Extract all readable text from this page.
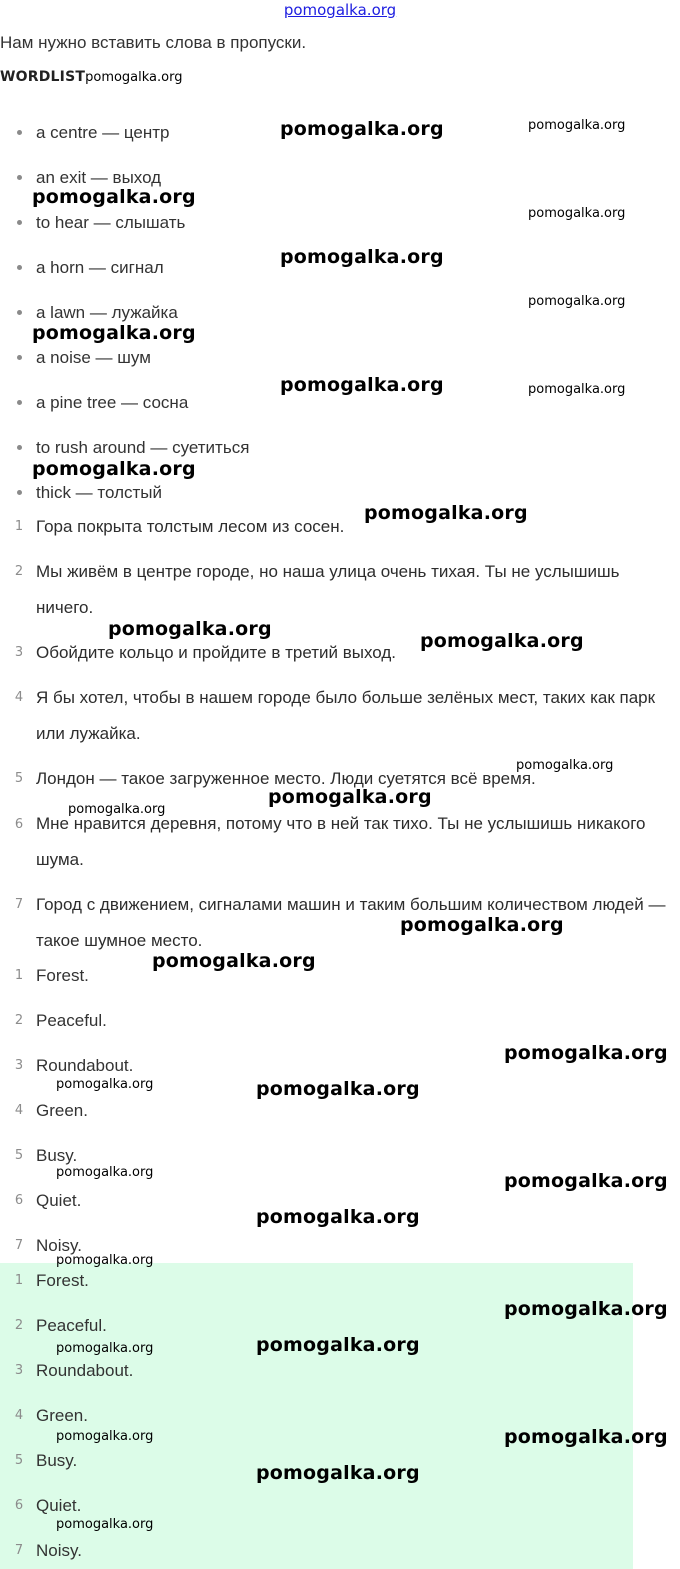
pomogalka.org
Нам нужно вставить слова в пропуски.
WORDLISTpomogalka.org
a centre — центр
an exit — выход
to hear — слышать
a horn — сигнал
a lawn — лужайка
a noise — шум
a pine tree — сосна
to rush around — суетиться
thick — толстый
1 Гора покрыта толстым лесом из сосен.
2 Мы живём в центре городе, но наша улица очень тихая. Ты не услышишь ничего.
3 Обойдите кольцо и пройдите в третий выход.
4 Я бы хотел, чтобы в нашем городе было больше зелёных мест, таких как парк или лужайка.
5 Лондон — такое загруженное место. Люди суетятся всё время.
6 Мне нравится деревня, потому что в ней так тихо. Ты не услышишь никакого шума.
7 Город с движением, сигналами машин и таким большим количеством людей — такое шумное место.
1 Forest.
2 Peaceful.
3 Roundabout.
4 Green.
5 Busy.
6 Quiet.
7 Noisy.
1 Forest.
2 Peaceful.
3 Roundabout.
4 Green.
5 Busy.
6 Quiet.
7 Noisy.
pomogalka.org
pomogalka.org
pomogalka.org
pomogalka.org
pomogalka.org
pomogalka.org
pomogalka.org
pomogalka.org
pomogalka.org
pomogalka.org
pomogalka.org
pomogalka.org
pomogalka.org
pomogalka.org
pomogalka.org
pomogalka.org
pomogalka.org
pomogalka.org
pomogalka.org
pomogalka.org
pomogalka.org
pomogalka.org
pomogalka.org
pomogalka.org
pomogalka.org
pomogalka.org
pomogalka.org
pomogalka.org
pomogalka.org
pomogalka.org
pomogalka.org
pomogalka.org
